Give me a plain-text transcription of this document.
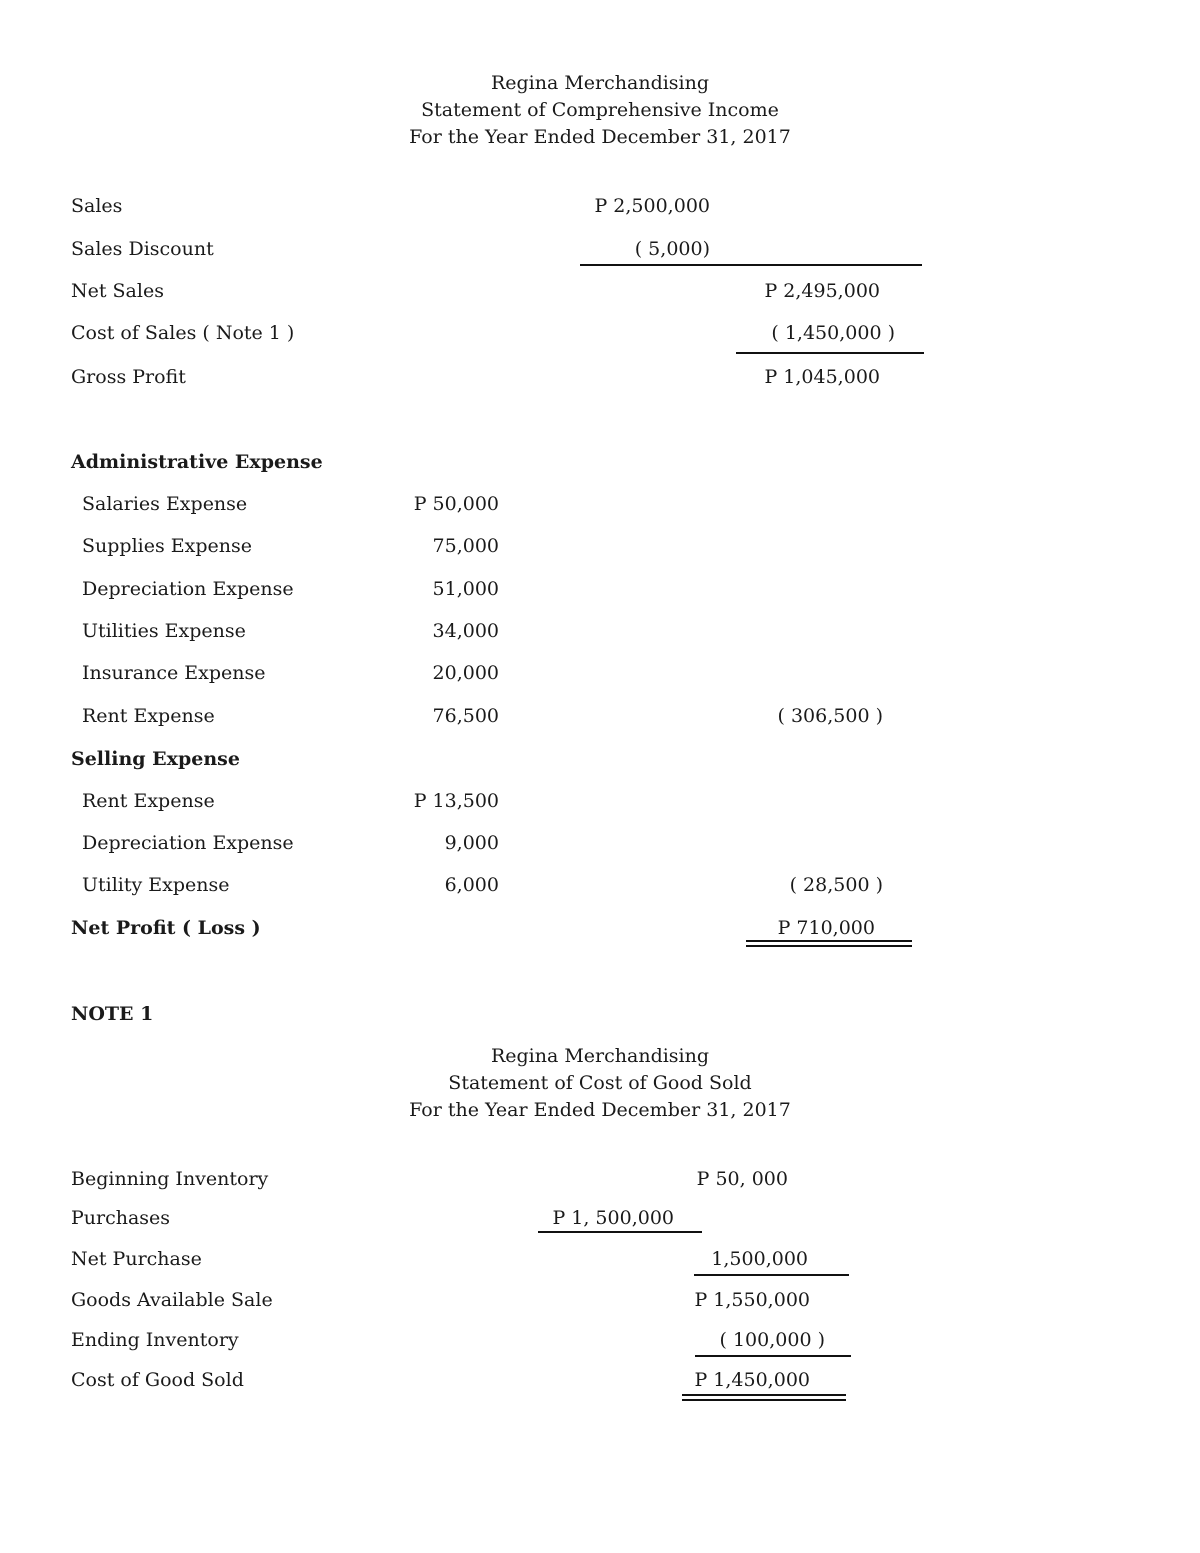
Regina Merchandising
Statement of Comprehensive Income
For the Year Ended December 31, 2017
Sales	P 2,500,000
Sales Discount	( 5,000)
Net Sales	P 2,495,000
Cost of Sales ( Note 1 )	( 1,450,000 )
Gross Profit	P 1,045,000
Administrative Expense
Salaries Expense	P 50,000
Supplies Expense	75,000
Depreciation Expense	51,000
Utilities Expense	34,000
Insurance Expense	20,000
Rent Expense	76,500	( 306,500 )
Selling Expense
Rent Expense	P 13,500
Depreciation Expense	9,000
Utility Expense	6,000	( 28,500 )
Net Profit ( Loss )	P 710,000
NOTE 1
Regina Merchandising
Statement of Cost of Good Sold
For the Year Ended December 31, 2017
Beginning Inventory	P 50, 000
Purchases	P 1, 500,000
Net Purchase	1,500,000
Goods Available Sale	P 1,550,000
Ending Inventory	( 100,000 )
Cost of Good Sold	P 1,450,000
